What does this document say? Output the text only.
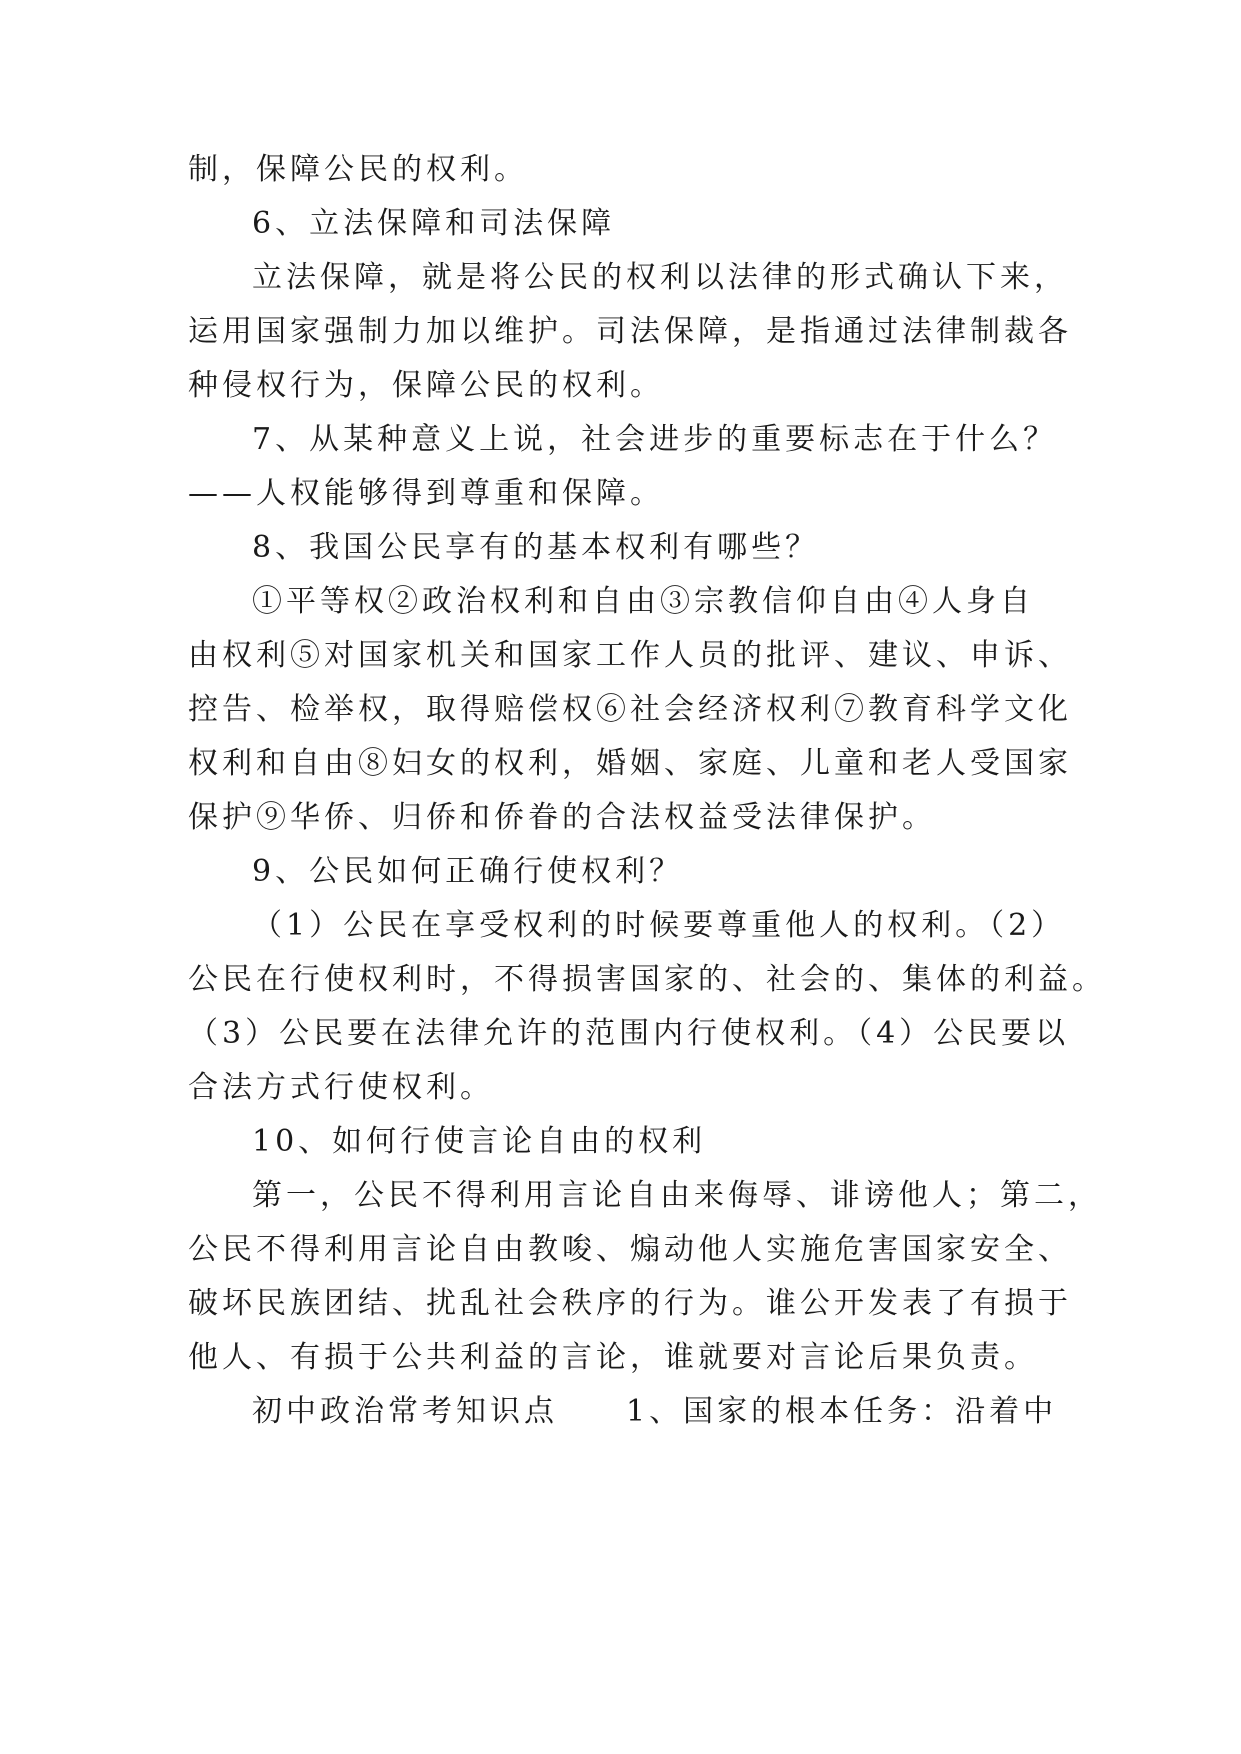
制，保障公民的权利。
6、立法保障和司法保障
立法保障，就是将公民的权利以法律的形式确认下来，
运用国家强制力加以维护。司法保障，是指通过法律制裁各
种侵权行为，保障公民的权利。
7、从某种意义上说，社会进步的重要标志在于什么？
——人权能够得到尊重和保障。
8、我国公民享有的基本权利有哪些？
①平等权②政治权利和自由③宗教信仰自由④人身自
由权利⑤对国家机关和国家工作人员的批评、建议、申诉、
控告、检举权，取得赔偿权⑥社会经济权利⑦教育科学文化
权利和自由⑧妇女的权利，婚姻、家庭、儿童和老人受国家
保护⑨华侨、归侨和侨眷的合法权益受法律保护。
9、公民如何正确行使权利？
（1）公民在享受权利的时候要尊重他人的权利。（2）
公民在行使权利时，不得损害国家的、社会的、集体的利益。
（3）公民要在法律允许的范围内行使权利。（4）公民要以
合法方式行使权利。
10、如何行使言论自由的权利
第一，公民不得利用言论自由来侮辱、诽谤他人；第二，
公民不得利用言论自由教唆、煽动他人实施危害国家安全、
破坏民族团结、扰乱社会秩序的行为。谁公开发表了有损于
他人、有损于公共利益的言论，谁就要对言论后果负责。
初中政治常考知识点　　1、国家的根本任务：沿着中
